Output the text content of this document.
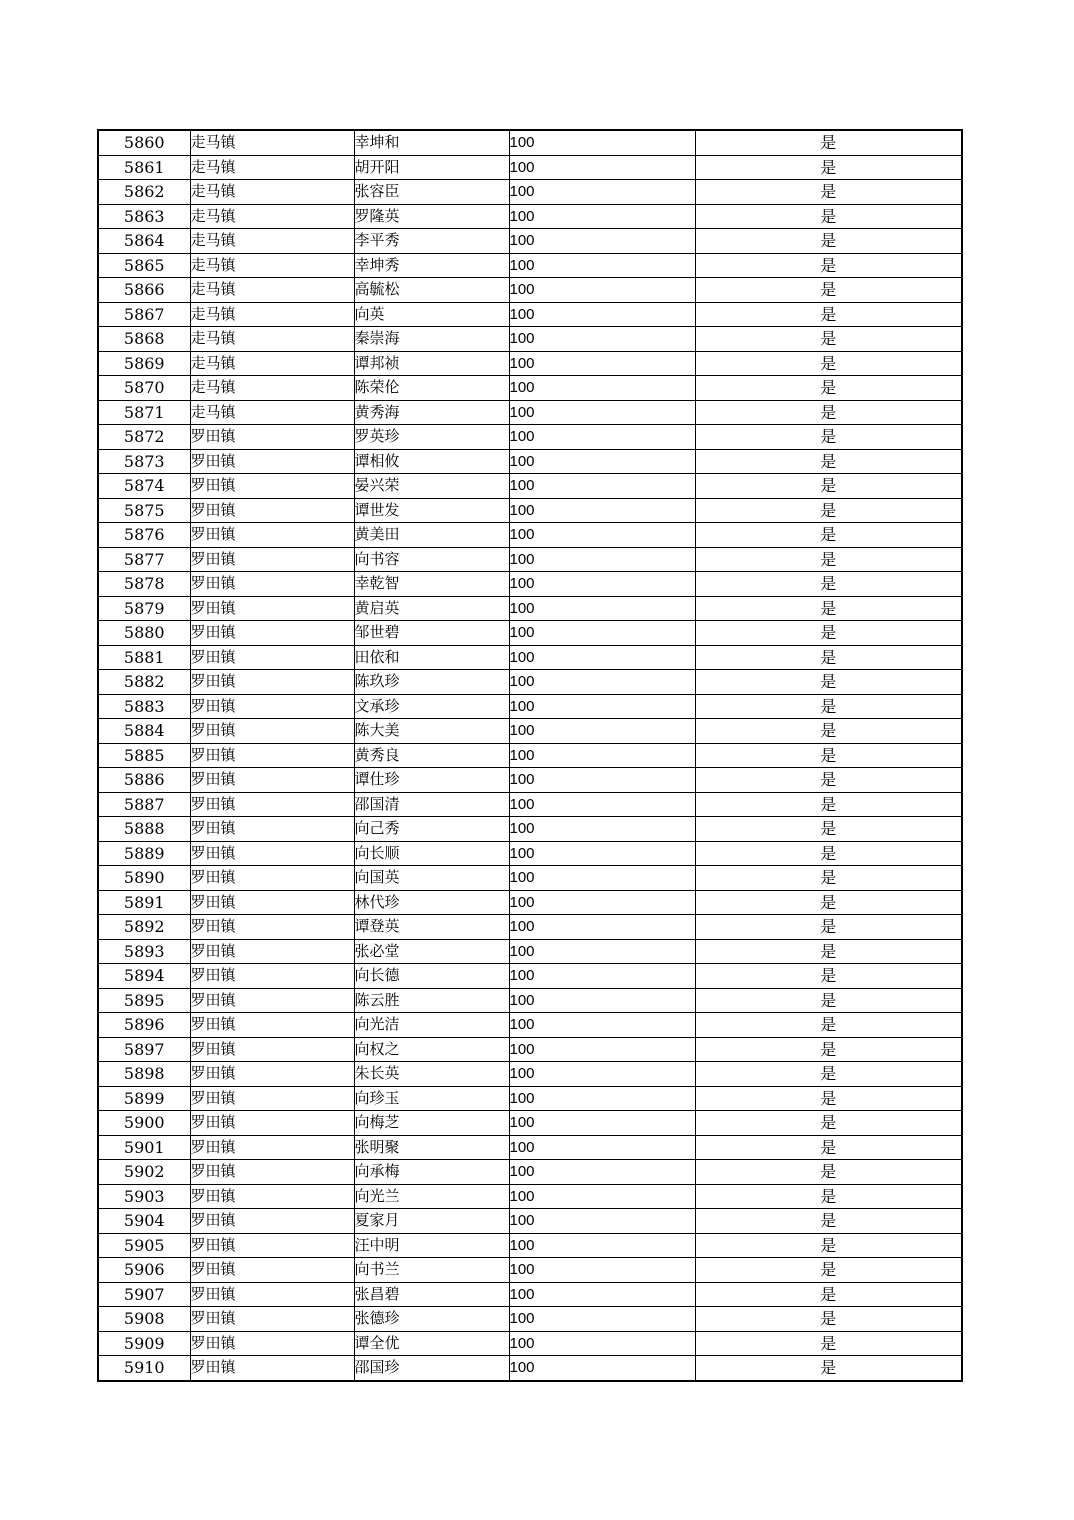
5860	走马镇	幸坤和	100	是
5861	走马镇	胡开阳	100	是
5862	走马镇	张容臣	100	是
5863	走马镇	罗隆英	100	是
5864	走马镇	李平秀	100	是
5865	走马镇	幸坤秀	100	是
5866	走马镇	高毓松	100	是
5867	走马镇	向英	100	是
5868	走马镇	秦崇海	100	是
5869	走马镇	谭邦祯	100	是
5870	走马镇	陈荣伦	100	是
5871	走马镇	黄秀海	100	是
5872	罗田镇	罗英珍	100	是
5873	罗田镇	谭相攸	100	是
5874	罗田镇	晏兴荣	100	是
5875	罗田镇	谭世发	100	是
5876	罗田镇	黄美田	100	是
5877	罗田镇	向书容	100	是
5878	罗田镇	幸乾智	100	是
5879	罗田镇	黄启英	100	是
5880	罗田镇	邹世碧	100	是
5881	罗田镇	田依和	100	是
5882	罗田镇	陈玖珍	100	是
5883	罗田镇	文承珍	100	是
5884	罗田镇	陈大美	100	是
5885	罗田镇	黄秀良	100	是
5886	罗田镇	谭仕珍	100	是
5887	罗田镇	邵国清	100	是
5888	罗田镇	向己秀	100	是
5889	罗田镇	向长顺	100	是
5890	罗田镇	向国英	100	是
5891	罗田镇	林代珍	100	是
5892	罗田镇	谭登英	100	是
5893	罗田镇	张必堂	100	是
5894	罗田镇	向长德	100	是
5895	罗田镇	陈云胜	100	是
5896	罗田镇	向光洁	100	是
5897	罗田镇	向权之	100	是
5898	罗田镇	朱长英	100	是
5899	罗田镇	向珍玉	100	是
5900	罗田镇	向梅芝	100	是
5901	罗田镇	张明聚	100	是
5902	罗田镇	向承梅	100	是
5903	罗田镇	向光兰	100	是
5904	罗田镇	夏家月	100	是
5905	罗田镇	汪中明	100	是
5906	罗田镇	向书兰	100	是
5907	罗田镇	张昌碧	100	是
5908	罗田镇	张德珍	100	是
5909	罗田镇	谭全优	100	是
5910	罗田镇	邵国珍	100	是
